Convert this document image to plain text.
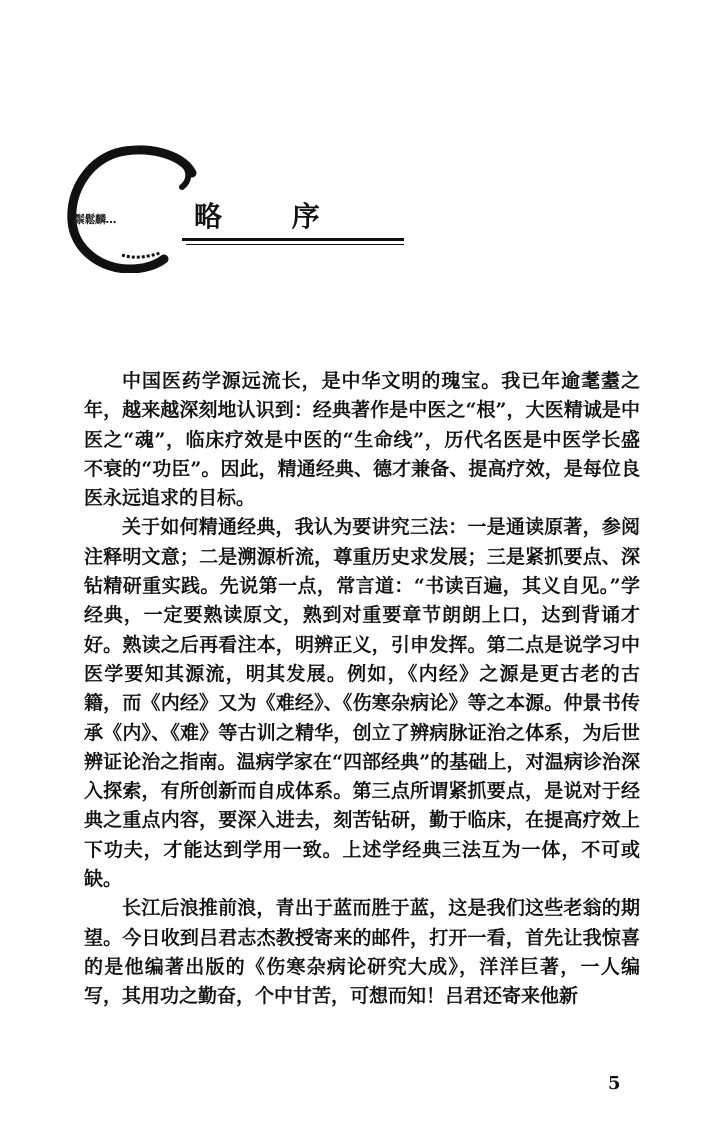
鬃鬆麟…	略 序

中国医药学源远流长，是中华文明的瑰宝。我已年逾耄耋之年，越来越深刻地认识到：经典著作是中医之“根”，大医精诚是中医之“魂”，临床疗效是中医的“生命线”，历代名医是中医学长盛不衰的“功臣”。因此，精通经典、德才兼备、提高疗效，是每位良医永远追求的目标。

关于如何精通经典，我认为要讲究三法：一是通读原著，参阅注释明文意；二是溯源析流，尊重历史求发展；三是紧抓要点、深钻精研重实践。先说第一点，常言道：“书读百遍，其义自见。”学经典，一定要熟读原文，熟到对重要章节朗朗上口，达到背诵才好。熟读之后再看注本，明辨正义，引申发挥。第二点是说学习中医学要知其源流，明其发展。例如，《内经》之源是更古老的古籍，而《内经》又为《难经》、《伤寒杂病论》等之本源。仲景书传承《内》、《难》等古训之精华，创立了辨病脉证治之体系，为后世辨证论治之指南。温病学家在“四部经典”的基础上，对温病诊治深入探索，有所创新而自成体系。第三点所谓紧抓要点，是说对于经典之重点内容，要深入进去，刻苦钻研，勤于临床，在提高疗效上下功夫，才能达到学用一致。上述学经典三法互为一体，不可或缺。

长江后浪推前浪，青出于蓝而胜于蓝，这是我们这些老翁的期望。今日收到吕君志杰教授寄来的邮件，打开一看，首先让我惊喜的是他编著出版的《伤寒杂病论研究大成》，洋洋巨著，一人编写，其用功之勤奋，个中甘苦，可想而知！吕君还寄来他新

5
